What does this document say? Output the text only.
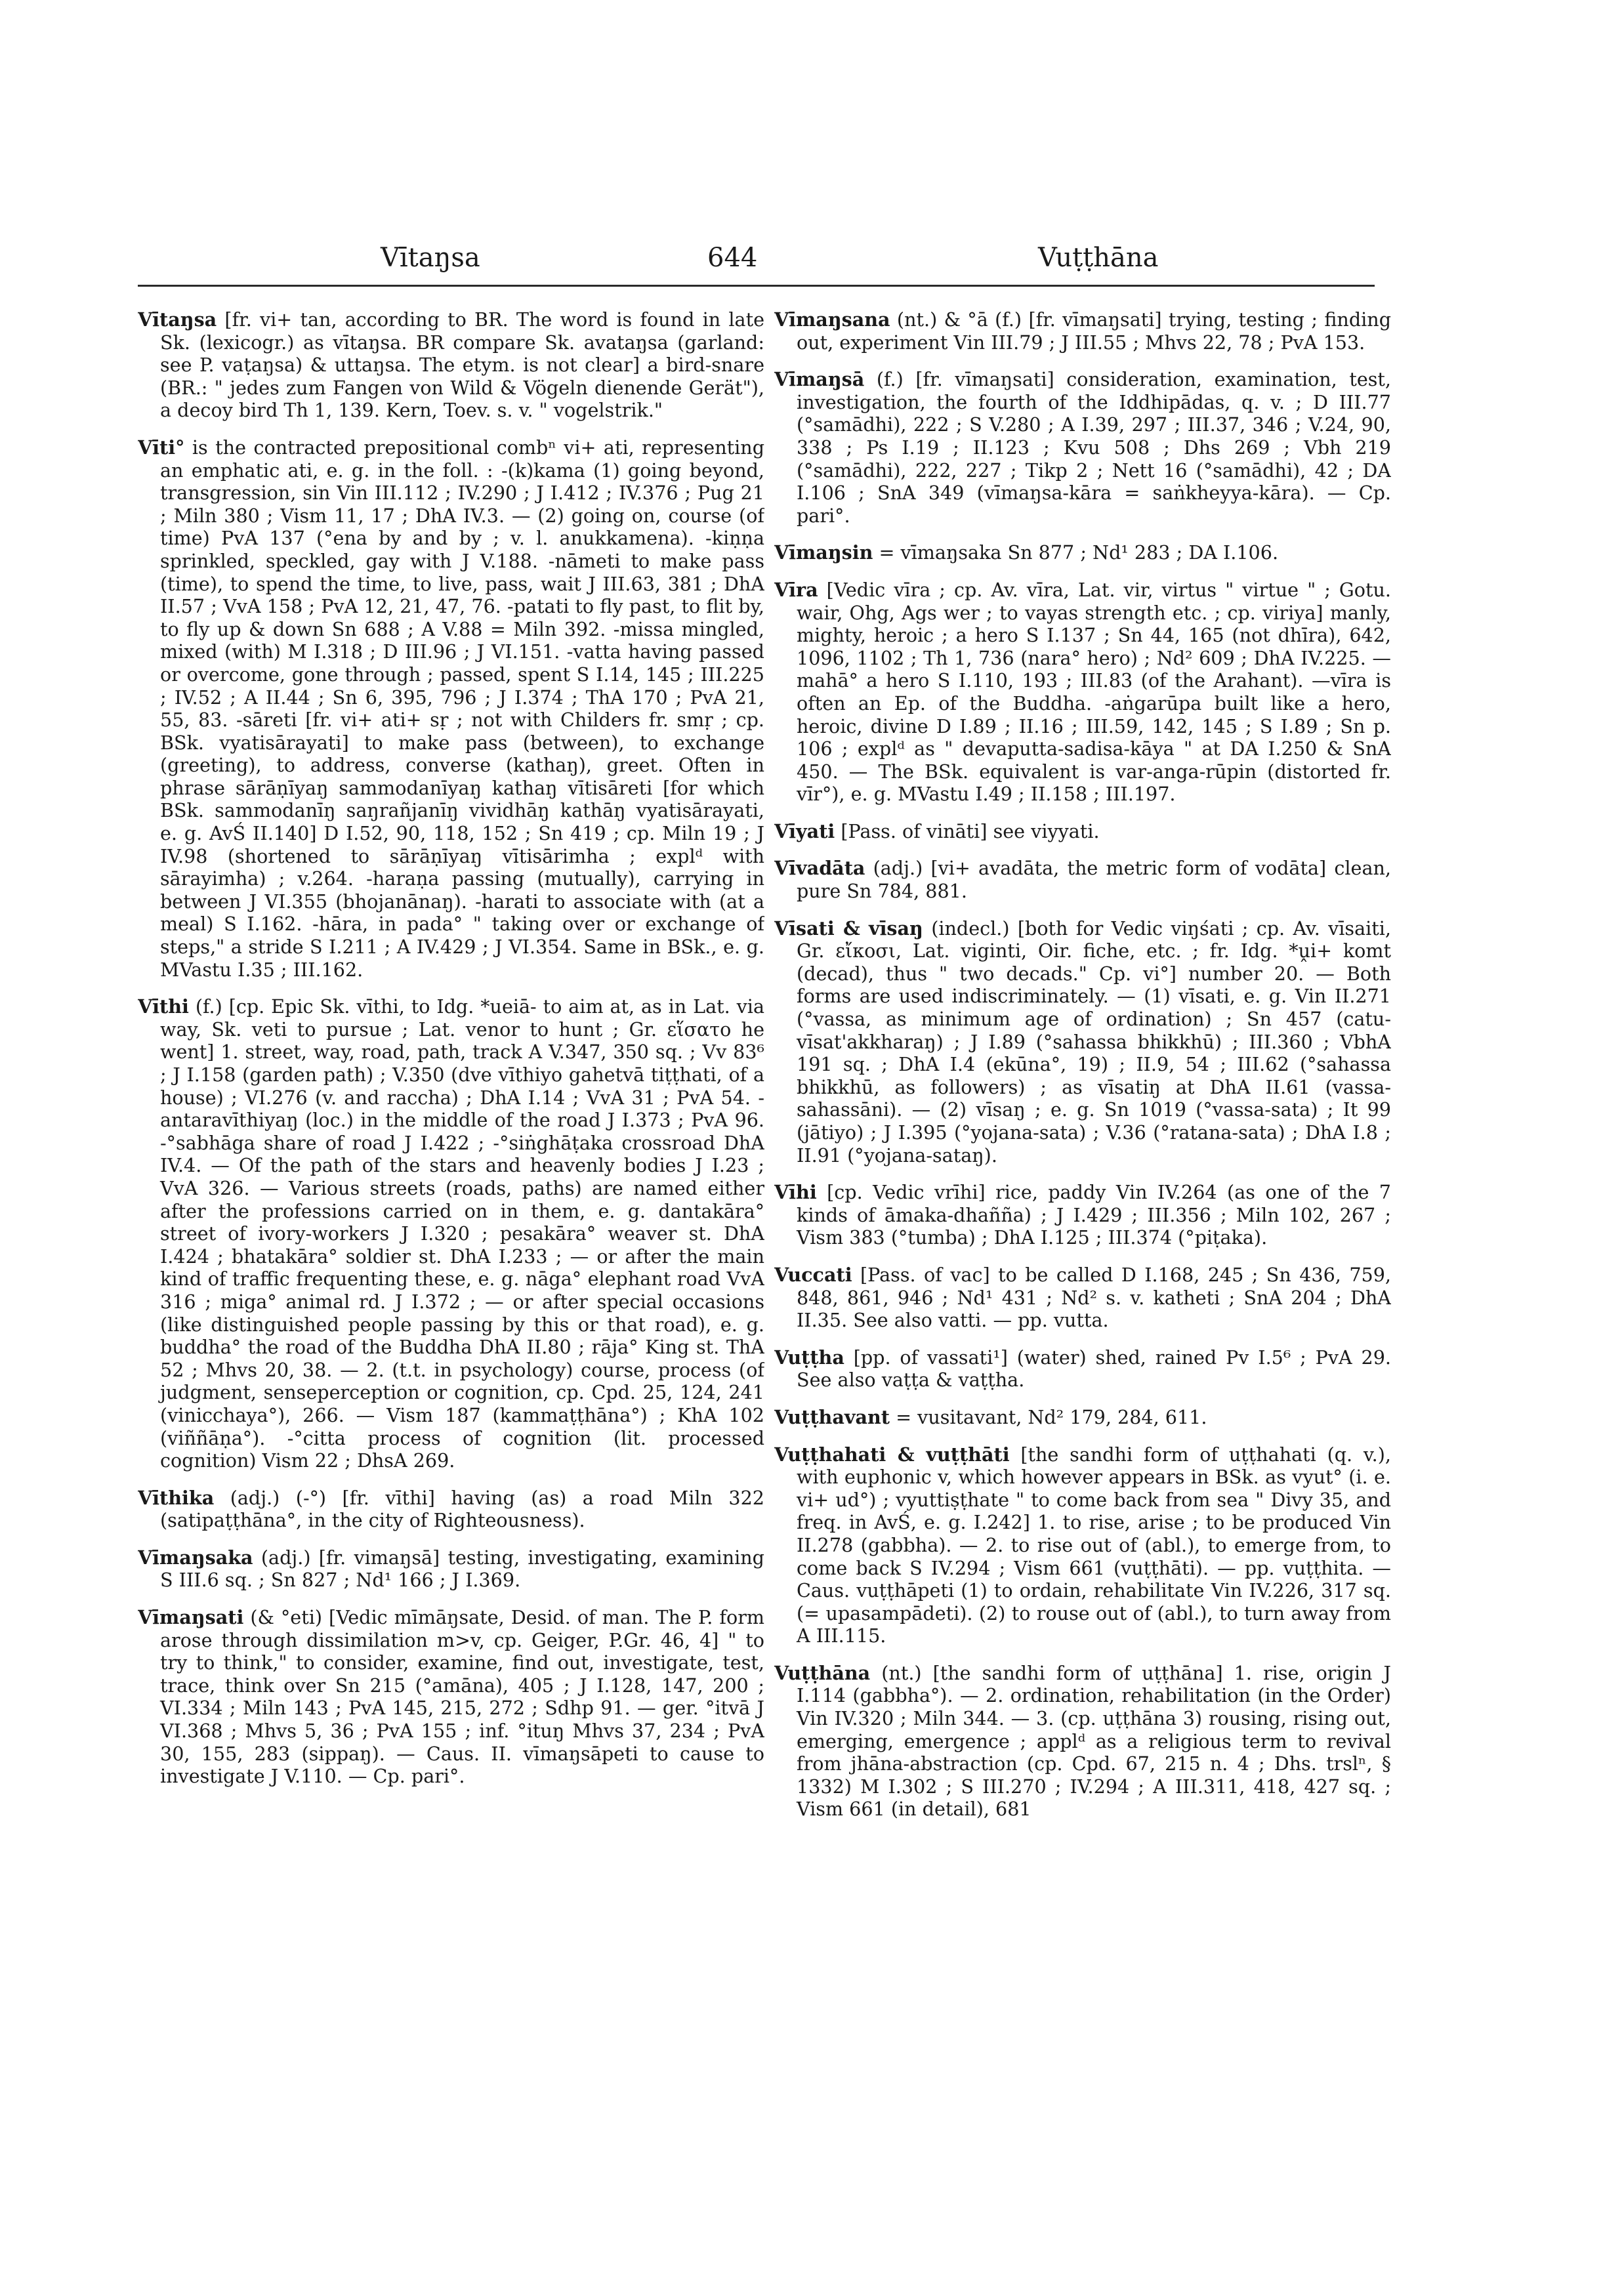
Vītaŋsa	644	Vuṭṭhāna

Vītaŋsa [fr. vi+ tan, according to BR. The word is found in late Sk. (lexicogr.) as vītaŋsa. BR compare Sk. avataŋsa (garland: see P. vaṭaŋsa) & uttaŋsa. The etym. is not clear] a bird-snare (BR.: " jedes zum Fangen von Wild & Vögeln dienende Gerät"), a decoy bird Th 1, 139. Kern, Toev. s. v. " vogelstrik."

Vīti° is the contracted prepositional combⁿ vi+ ati, representing an emphatic ati, e. g. in the foll. : -(k)kama (1) going beyond, transgression, sin Vin III.112 ; IV.290 ; J I.412 ; IV.376 ; Pug 21 ; Miln 380 ; Vism 11, 17 ; DhA IV.3. — (2) going on, course (of time) PvA 137 (°ena by and by ; v. l. anukkamena). -kiṇṇa sprinkled, speckled, gay with J V.188. -nāmeti to make pass (time), to spend the time, to live, pass, wait J III.63, 381 ; DhA II.57 ; VvA 158 ; PvA 12, 21, 47, 76. -patati to fly past, to flit by, to fly up & down Sn 688 ; A V.88 = Miln 392. -missa mingled, mixed (with) M I.318 ; D III.96 ; J VI.151. -vatta having passed or overcome, gone through ; passed, spent S I.14, 145 ; III.225 ; IV.52 ; A II.44 ; Sn 6, 395, 796 ; J I.374 ; ThA 170 ; PvA 21, 55, 83. -sāreti [fr. vi+ ati+ sṛ ; not with Childers fr. smṛ ; cp. BSk. vyatisārayati] to make pass (between), to exchange (greeting), to address, converse (kathaŋ), greet. Often in phrase sārāṇīyaŋ sammodanīyaŋ kathaŋ vītisāreti [for which BSk. sammodanīŋ saŋrañjanīŋ vividhāŋ kathāŋ vyatisārayati, e. g. AvŚ II.140] D I.52, 90, 118, 152 ; Sn 419 ; cp. Miln 19 ; J IV.98 (shortened to sārāṇīyaŋ vītisārimha ; explᵈ with sārayimha) ; v.264. -haraṇa passing (mutually), carrying in between J VI.355 (bhojanānaŋ). -harati to associate with (at a meal) S I.162. -hāra, in pada° " taking over or exchange of steps," a stride S I.211 ; A IV.429 ; J VI.354. Same in BSk., e. g. MVastu I.35 ; III.162.

Vīthi (f.) [cp. Epic Sk. vīthi, to Idg. *ueiā- to aim at, as in Lat. via way, Sk. veti to pursue ; Lat. venor to hunt ; Gr. εἵσατο he went] 1. street, way, road, path, track A V.347, 350 sq. ; Vv 83⁶ ; J I.158 (garden path) ; V.350 (dve vīthiyo gahetvā tiṭṭhati, of a house) ; VI.276 (v. and raccha) ; DhA I.14 ; VvA 31 ; PvA 54. -antaravīthiyaŋ (loc.) in the middle of the road J I.373 ; PvA 96. -°sabhāga share of road J I.422 ; -°siṅghāṭaka crossroad DhA IV.4. — Of the path of the stars and heavenly bodies J I.23 ; VvA 326. — Various streets (roads, paths) are named either after the professions carried on in them, e. g. dantakāra° street of ivory-workers J I.320 ; pesakāra° weaver st. DhA I.424 ; bhatakāra° soldier st. DhA I.233 ; — or after the main kind of traffic frequenting these, e. g. nāga° elephant road VvA 316 ; miga° animal rd. J I.372 ; — or after special occasions (like distinguished people passing by this or that road), e. g. buddha° the road of the Buddha DhA II.80 ; rāja° King st. ThA 52 ; Mhvs 20, 38. — 2. (t.t. in psychology) course, process (of judgment, senseperception or cognition, cp. Cpd. 25, 124, 241 (vinicchaya°), 266. — Vism 187 (kammaṭṭhāna°) ; KhA 102 (viññāṇa°). -°citta process of cognition (lit. processed cognition) Vism 22 ; DhsA 269.

Vīthika (adj.) (-°) [fr. vīthi] having (as) a road Miln 322 (satipaṭṭhāna°, in the city of Righteousness).

Vīmaŋsaka (adj.) [fr. vimaŋsā] testing, investigating, examining S III.6 sq. ; Sn 827 ; Nd¹ 166 ; J I.369.

Vīmaŋsati (& °eti) [Vedic mīmāŋsate, Desid. of man. The P. form arose through dissimilation m>v, cp. Geiger, P.Gr. 46, 4] " to try to think," to consider, examine, find out, investigate, test, trace, think over Sn 215 (°amāna), 405 ; J I.128, 147, 200 ; VI.334 ; Miln 143 ; PvA 145, 215, 272 ; Sdhp 91. — ger. °itvā J VI.368 ; Mhvs 5, 36 ; PvA 155 ; inf. °ituŋ Mhvs 37, 234 ; PvA 30, 155, 283 (sippaŋ). — Caus. II. vīmaŋsāpeti to cause to investigate J V.110. — Cp. pari°.

Vīmaŋsana (nt.) & °ā (f.) [fr. vīmaŋsati] trying, testing ; finding out, experiment Vin III.79 ; J III.55 ; Mhvs 22, 78 ; PvA 153.

Vīmaŋsā (f.) [fr. vīmaŋsati] consideration, examination, test, investigation, the fourth of the Iddhipādas, q. v. ; D III.77 (°samādhi), 222 ; S V.280 ; A I.39, 297 ; III.37, 346 ; V.24, 90, 338 ; Ps I.19 ; II.123 ; Kvu 508 ; Dhs 269 ; Vbh 219 (°samādhi), 222, 227 ; Tikp 2 ; Nett 16 (°samādhi), 42 ; DA I.106 ; SnA 349 (vīmaŋsa-kāra = saṅkheyya-kāra). — Cp. pari°.

Vīmaŋsin = vīmaŋsaka Sn 877 ; Nd¹ 283 ; DA I.106.

Vīra [Vedic vīra ; cp. Av. vīra, Lat. vir, virtus " virtue " ; Gotu. wair, Ohg, Ags wer ; to vayas strength etc. ; cp. viriya] manly, mighty, heroic ; a hero S I.137 ; Sn 44, 165 (not dhīra), 642, 1096, 1102 ; Th 1, 736 (nara° hero) ; Nd² 609 ; DhA IV.225. —mahā° a hero S I.110, 193 ; III.83 (of the Arahant). —vīra is often an Ep. of the Buddha. -aṅgarūpa built like a hero, heroic, divine D I.89 ; II.16 ; III.59, 142, 145 ; S I.89 ; Sn p. 106 ; explᵈ as " devaputta-sadisa-kāya " at DA I.250 & SnA 450. — The BSk. equivalent is var-anga-rūpin (distorted fr. vīr°), e. g. MVastu I.49 ; II.158 ; III.197.

Vīyati [Pass. of vināti] see viyyati.

Vīvadāta (adj.) [vi+ avadāta, the metric form of vodāta] clean, pure Sn 784, 881.

Vīsati & vīsaŋ (indecl.) [both for Vedic viŋśati ; cp. Av. vīsaiti, Gr. εἴκοσι, Lat. viginti, Oir. fiche, etc. ; fr. Idg. *ṷi+ komt (decad), thus " two decads." Cp. vi°] number 20. — Both forms are used indiscriminately. — (1) vīsati, e. g. Vin II.271 (°vassa, as minimum age of ordination) ; Sn 457 (catu-vīsat'akkharaŋ) ; J I.89 (°sahassa bhikkhū) ; III.360 ; VbhA 191 sq. ; DhA I.4 (ekūna°, 19) ; II.9, 54 ; III.62 (°sahassa bhikkhū, as followers) ; as vīsatiŋ at DhA II.61 (vassa-sahassāni). — (2) vīsaŋ ; e. g. Sn 1019 (°vassa-sata) ; It 99 (jātiyo) ; J I.395 (°yojana-sata) ; V.36 (°ratana-sata) ; DhA I.8 ; II.91 (°yojana-sataŋ).

Vīhi [cp. Vedic vrīhi] rice, paddy Vin IV.264 (as one of the 7 kinds of āmaka-dhañña) ; J I.429 ; III.356 ; Miln 102, 267 ; Vism 383 (°tumba) ; DhA I.125 ; III.374 (°piṭaka).

Vuccati [Pass. of vac] to be called D I.168, 245 ; Sn 436, 759, 848, 861, 946 ; Nd¹ 431 ; Nd² s. v. katheti ; SnA 204 ; DhA II.35. See also vatti. — pp. vutta.

Vuṭṭha [pp. of vassati¹] (water) shed, rained Pv I.5⁶ ; PvA 29. See also vaṭṭa & vaṭṭha.

Vuṭṭhavant = vusitavant, Nd² 179, 284, 611.

Vuṭṭhahati & vuṭṭhāti [the sandhi form of uṭṭhahati (q. v.), with euphonic v, which however appears in BSk. as vyut° (i. e. vi+ ud°) ; vyuttiṣṭhate " to come back from sea " Divy 35, and freq. in AvŚ, e. g. I.242] 1. to rise, arise ; to be produced Vin II.278 (gabbha). — 2. to rise out of (abl.), to emerge from, to come back S IV.294 ; Vism 661 (vuṭṭhāti). — pp. vuṭṭhita. — Caus. vuṭṭhāpeti (1) to ordain, rehabilitate Vin IV.226, 317 sq. (= upasampādeti). (2) to rouse out of (abl.), to turn away from A III.115.

Vuṭṭhāna (nt.) [the sandhi form of uṭṭhāna] 1. rise, origin J I.114 (gabbha°). — 2. ordination, rehabilitation (in the Order) Vin IV.320 ; Miln 344. — 3. (cp. uṭṭhāna 3) rousing, rising out, emerging, emergence ; applᵈ as a religious term to revival from jhāna-abstraction (cp. Cpd. 67, 215 n. 4 ; Dhs. trslⁿ, § 1332) M I.302 ; S III.270 ; IV.294 ; A III.311, 418, 427 sq. ; Vism 661 (in detail), 681
